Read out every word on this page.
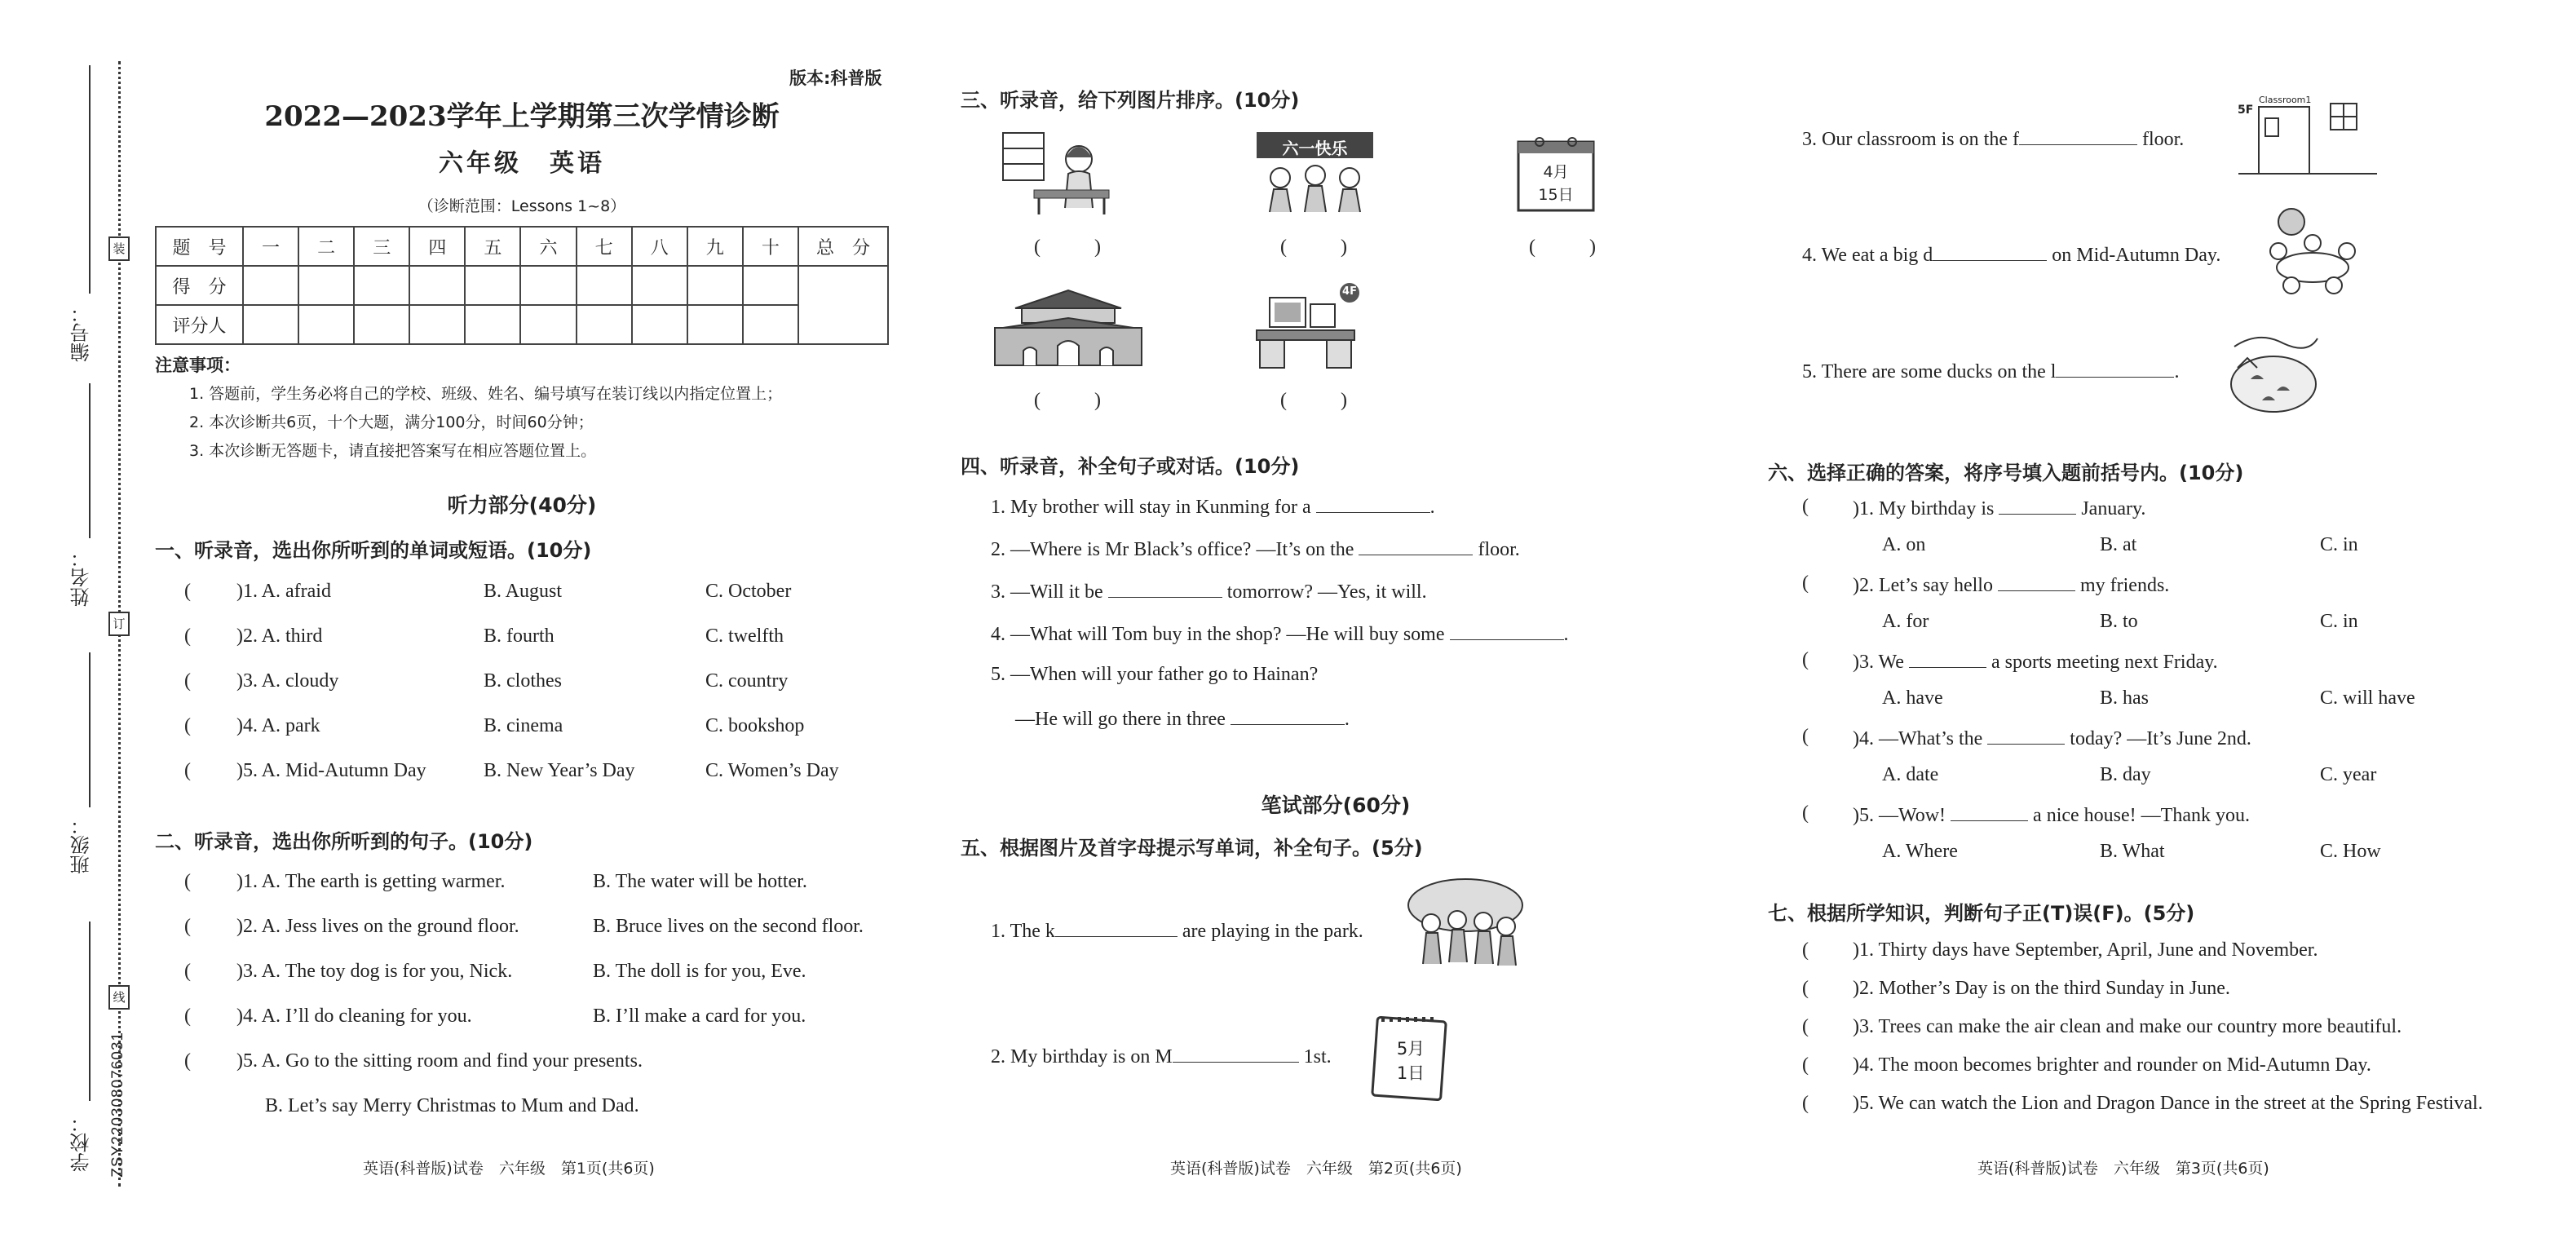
编号：
姓名：
班级：
学校：
装
订
线
ZSY220308076031
版本:科普版
2022—2023学年上学期第三次学情诊断
六年级　英语
（诊断范围：Lessons 1~8）
题　号	一	二	三	四	五	六	七	八	九	十	总　分
得　分											
评分人											
注意事项：
1. 答题前，学生务必将自己的学校、班级、姓名、编号填写在装订线以内指定位置上；
2. 本次诊断共6页，十个大题，满分100分，时间60分钟；
3. 本次诊断无答题卡，请直接把答案写在相应答题位置上。
听力部分(40分)
一、听录音，选出你所听到的单词或短语。(10分)
( )1. A. afraid	B. August	C. October
( )2. A. third	B. fourth	C. twelfth
( )3. A. cloudy	B. clothes	C. country
( )4. A. park	B. cinema	C. bookshop
( )5. A. Mid-Autumn Day	B. New Year’s Day	C. Women’s Day
二、听录音，选出你所听到的句子。(10分)
( )1. A. The earth is getting warmer.	B. The water will be hotter.
( )2. A. Jess lives on the ground floor.	B. Bruce lives on the second floor.
( )3. A. The toy dog is for you, Nick.	B. The doll is for you, Eve.
( )4. A. I’ll do cleaning for you.	B. I’ll make a card for you.
( )5. A. Go to the sitting room and find your presents.
B. Let’s say Merry Christmas to Mum and Dad.
英语(科普版)试卷　六年级　第1页(共6页)
三、听录音，给下列图片排序。(10分)
六一快乐
4月
15日
( )	( )	( )
4F
( )	( )
四、听录音，补全句子或对话。(10分)
1. My brother will stay in Kunming for a	.
2. —Where is Mr Black’s office? —It’s on the	floor.
3. —Will it be	tomorrow? —Yes, it will.
4. —What will Tom buy in the shop? —He will buy some	.
5. —When will your father go to Hainan?
—He will go there in three	.
笔试部分(60分)
五、根据图片及首字母提示写单词，补全句子。(5分)
1. The k	are playing in the park.
2. My birthday is on M	1st.	5月
1日
英语(科普版)试卷　六年级　第2页(共6页)
3. Our classroom is on the f	floor.
Classroom1
5F
4. We eat a big d	on Mid-Autumn Day.
5. There are some ducks on the l	.
六、选择正确的答案，将序号填入题前括号内。(10分)
( )1. My birthday is	January.
A. on	B. at	C. in
( )2. Let’s say hello	my friends.
A. for	B. to	C. in
( )3. We	a sports meeting next Friday.
A. have	B. has	C. will have
( )4. —What’s the	today? —It’s June 2nd.
A. date	B. day	C. year
( )5. —Wow!	a nice house! —Thank you.
A. Where	B. What	C. How
七、根据所学知识，判断句子正(T)误(F)。(5分)
( )1. Thirty days have September, April, June and November.
( )2. Mother’s Day is on the third Sunday in June.
( )3. Trees can make the air clean and make our country more beautiful.
( )4. The moon becomes brighter and rounder on Mid-Autumn Day.
( )5. We can watch the Lion and Dragon Dance in the street at the Spring Festival.
英语(科普版)试卷　六年级　第3页(共6页)
